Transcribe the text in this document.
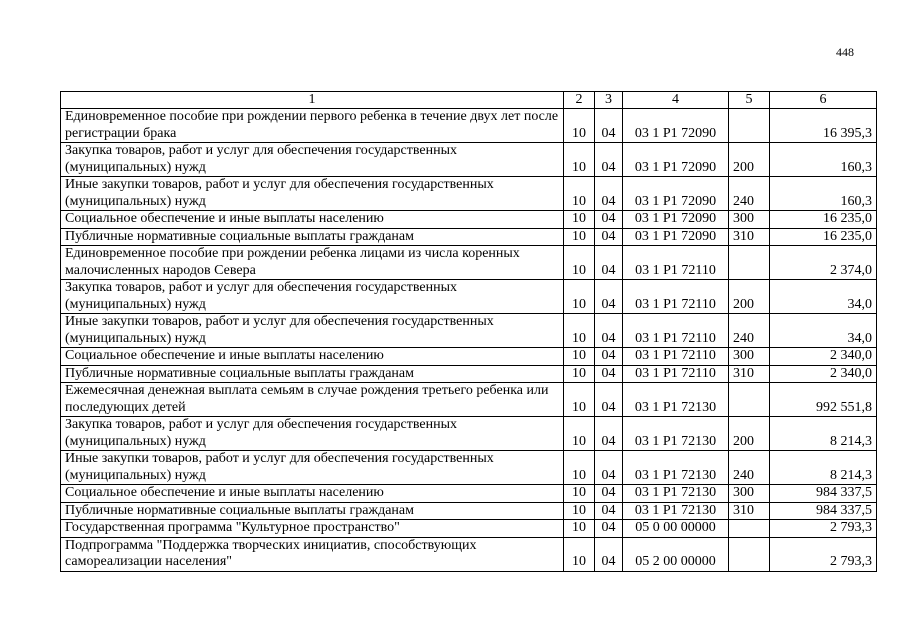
448
1	2	3	4	5	6
Единовременное пособие при рождении первого ребенка в течение двух лет после регистрации брака	10	04	03 1 Р1 72090		16 395,3
Закупка товаров, работ и услуг для обеспечения государственных (муниципальных) нужд	10	04	03 1 Р1 72090	200	160,3
Иные закупки товаров, работ и услуг для обеспечения государственных (муниципальных) нужд	10	04	03 1 Р1 72090	240	160,3
Социальное обеспечение и иные выплаты населению	10	04	03 1 Р1 72090	300	16 235,0
Публичные нормативные социальные выплаты гражданам	10	04	03 1 Р1 72090	310	16 235,0
Единовременное пособие при рождении ребенка лицами из числа коренных малочисленных народов Севера	10	04	03 1 Р1 72110		2 374,0
Закупка товаров, работ и услуг для обеспечения государственных (муниципальных) нужд	10	04	03 1 Р1 72110	200	34,0
Иные закупки товаров, работ и услуг для обеспечения государственных (муниципальных) нужд	10	04	03 1 Р1 72110	240	34,0
Социальное обеспечение и иные выплаты населению	10	04	03 1 Р1 72110	300	2 340,0
Публичные нормативные социальные выплаты гражданам	10	04	03 1 Р1 72110	310	2 340,0
Ежемесячная денежная выплата семьям в случае рождения третьего ребенка или последующих детей	10	04	03 1 Р1 72130		992 551,8
Закупка товаров, работ и услуг для обеспечения государственных (муниципальных) нужд	10	04	03 1 Р1 72130	200	8 214,3
Иные закупки товаров, работ и услуг для обеспечения государственных (муниципальных) нужд	10	04	03 1 Р1 72130	240	8 214,3
Социальное обеспечение и иные выплаты населению	10	04	03 1 Р1 72130	300	984 337,5
Публичные нормативные социальные выплаты гражданам	10	04	03 1 Р1 72130	310	984 337,5
Государственная программа "Культурное пространство"	10	04	05 0 00 00000		2 793,3
Подпрограмма "Поддержка творческих инициатив, способствующих самореализации населения"	10	04	05 2 00 00000		2 793,3
